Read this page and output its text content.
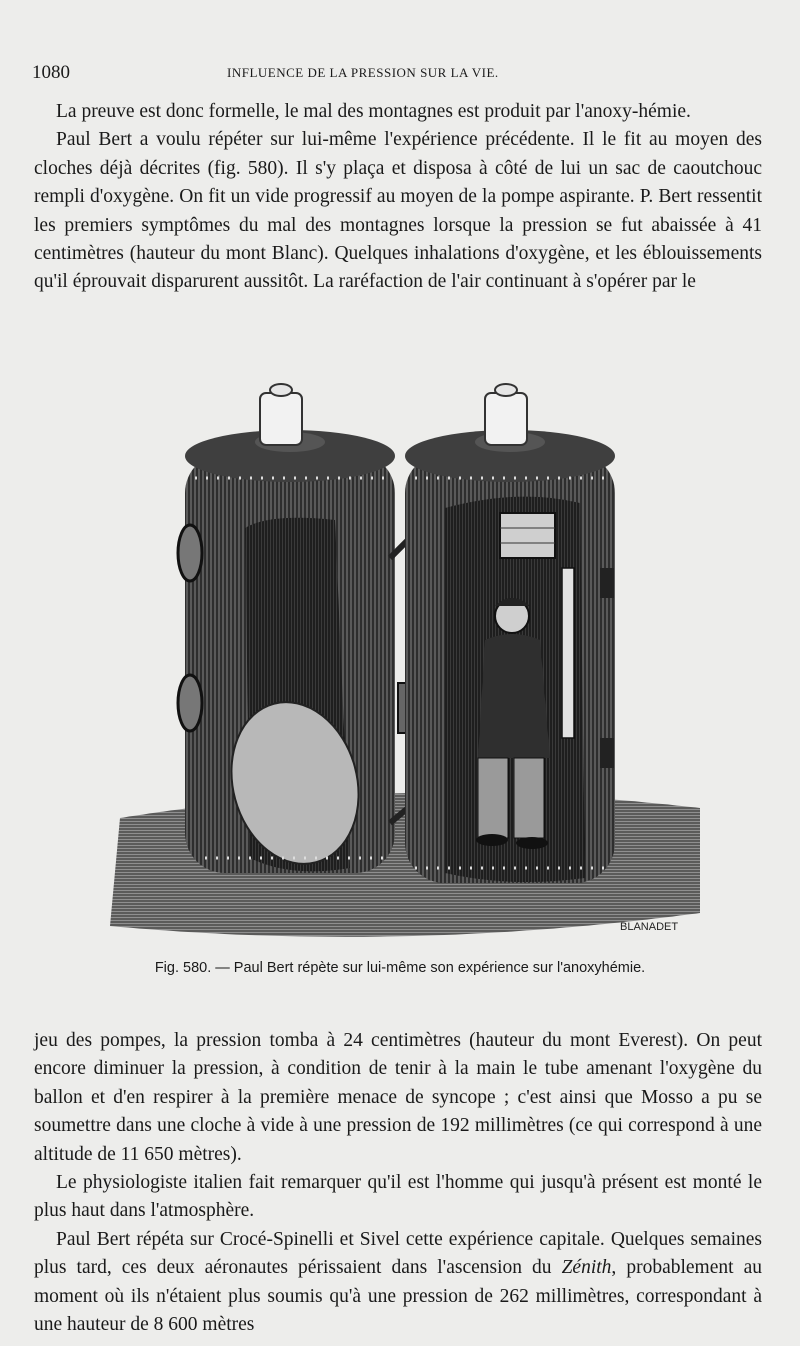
1080	INFLUENCE DE LA PRESSION SUR LA VIE.

La preuve est donc formelle, le mal des montagnes est produit par l'anoxy-hémie.

Paul Bert a voulu répéter sur lui-même l'expérience précédente. Il le fit au moyen des cloches déjà décrites (fig. 580). Il s'y plaça et disposa à côté de lui un sac de caoutchouc rempli d'oxygène. On fit un vide progressif au moyen de la pompe aspirante. P. Bert ressentit les premiers symptômes du mal des montagnes lorsque la pression se fut abaissée à 41 centimètres (hauteur du mont Blanc). Quelques inhalations d'oxygène, et les éblouissements qu'il éprouvait disparurent aussitôt. La raréfaction de l'air continuant à s'opérer par le

BLANADET
Fig. 580. — Paul Bert répète sur lui-même son expérience sur l'anoxyhémie.

jeu des pompes, la pression tomba à 24 centimètres (hauteur du mont Everest). On peut encore diminuer la pression, à condition de tenir à la main le tube amenant l'oxygène du ballon et d'en respirer à la première menace de syncope ; c'est ainsi que Mosso a pu se soumettre dans une cloche à vide à une pression de 192 millimètres (ce qui correspond à une altitude de 11 650 mètres).

Le physiologiste italien fait remarquer qu'il est l'homme qui jusqu'à présent est monté le plus haut dans l'atmosphère.

Paul Bert répéta sur Crocé-Spinelli et Sivel cette expérience capitale. Quelques semaines plus tard, ces deux aéronautes périssaient dans l'ascension du Zénith, probablement au moment où ils n'étaient plus soumis qu'à une pression de 262 millimètres, correspondant à une hauteur de 8 600 mètres
